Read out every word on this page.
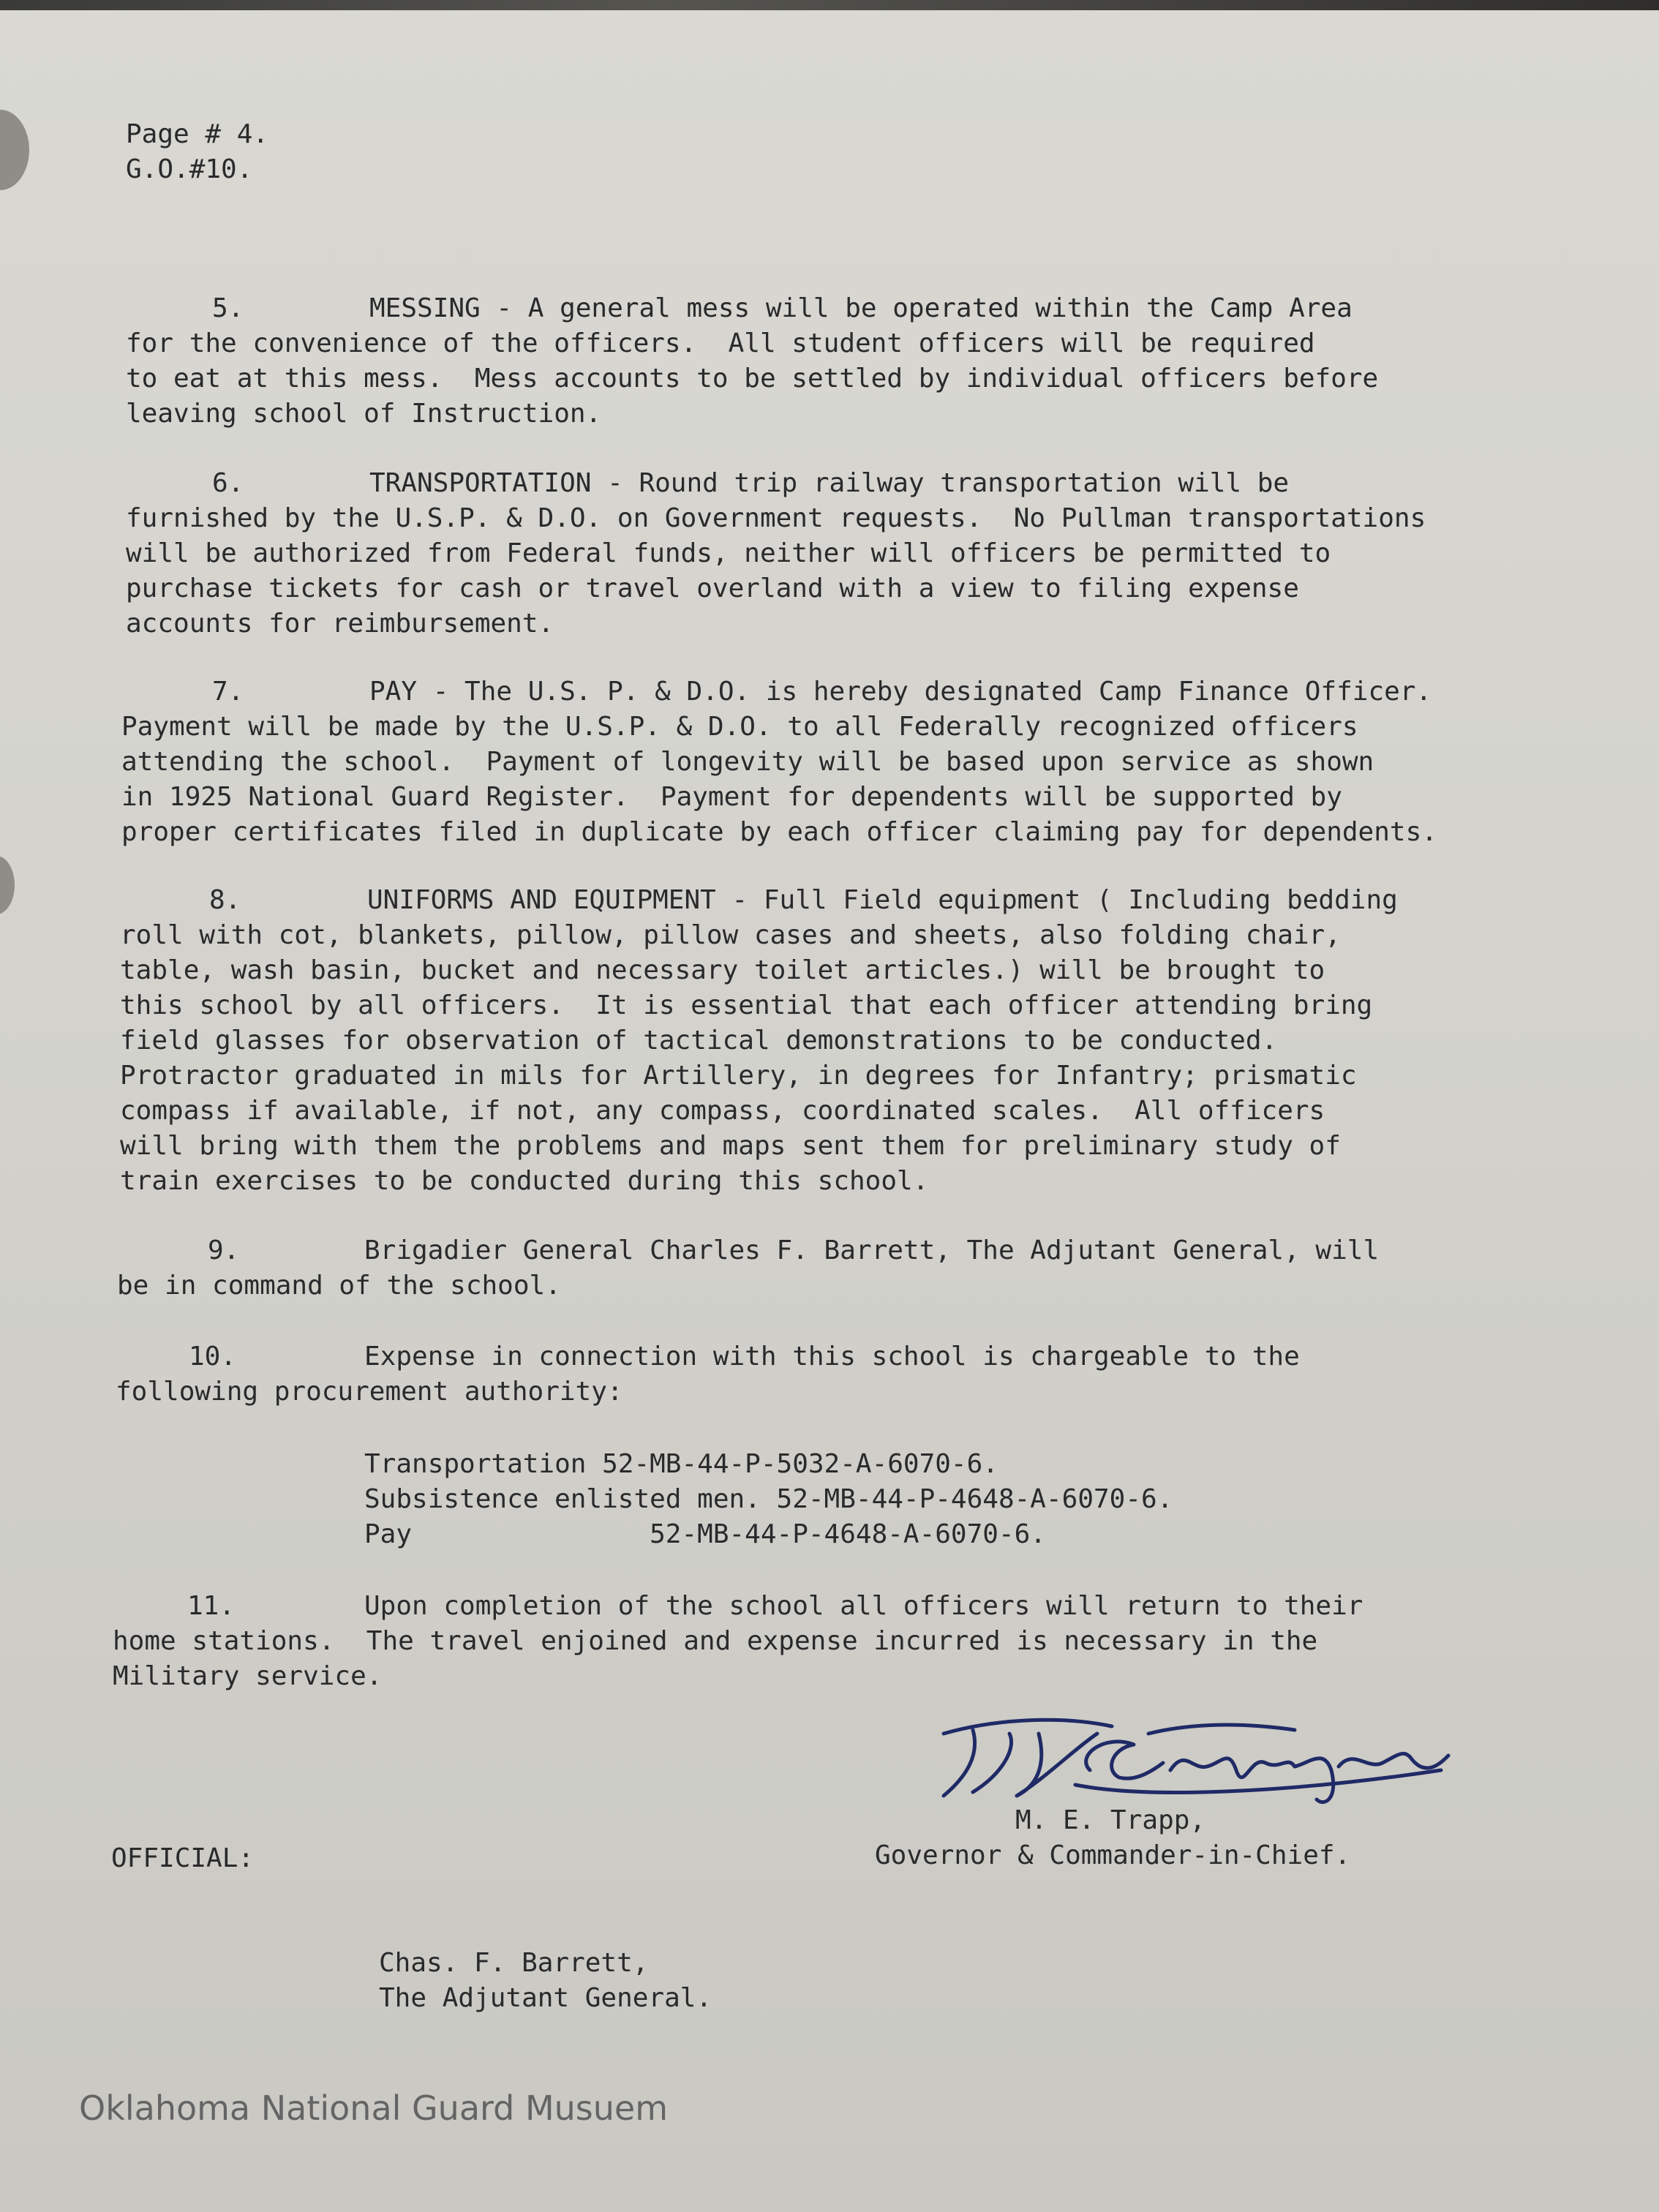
Page # 4.
G.O.#10.
5.	MESSING - A general mess will be operated within the Camp Area
for the convenience of the officers.  All student officers will be required
to eat at this mess.  Mess accounts to be settled by individual officers before
leaving school of Instruction.
6.	TRANSPORTATION - Round trip railway transportation will be
furnished by the U.S.P. & D.O. on Government requests.  No Pullman transportations
will be authorized from Federal funds, neither will officers be permitted to
purchase tickets for cash or travel overland with a view to filing expense
accounts for reimbursement.
7.	PAY - The U.S. P. & D.O. is hereby designated Camp Finance Officer.
Payment will be made by the U.S.P. & D.O. to all Federally recognized officers
attending the school.  Payment of longevity will be based upon service as shown
in 1925 National Guard Register.  Payment for dependents will be supported by
proper certificates filed in duplicate by each officer claiming pay for dependents.
8.	UNIFORMS AND EQUIPMENT - Full Field equipment ( Including bedding
roll with cot, blankets, pillow, pillow cases and sheets, also folding chair,
table, wash basin, bucket and necessary toilet articles.) will be brought to
this school by all officers.  It is essential that each officer attending bring
field glasses for observation of tactical demonstrations to be conducted.
Protractor graduated in mils for Artillery, in degrees for Infantry; prismatic
compass if available, if not, any compass, coordinated scales.  All officers
will bring with them the problems and maps sent them for preliminary study of
train exercises to be conducted during this school.
9.	Brigadier General Charles F. Barrett, The Adjutant General, will
be in command of the school.
10.	Expense in connection with this school is chargeable to the
following procurement authority:
Transportation 52-MB-44-P-5032-A-6070-6.
Subsistence enlisted men. 52-MB-44-P-4648-A-6070-6.
Pay               52-MB-44-P-4648-A-6070-6.
11.	Upon completion of the school all officers will return to their
home stations.  The travel enjoined and expense incurred is necessary in the
Military service.
M. E. Trapp,
Governor & Commander-in-Chief.
OFFICIAL:
Chas. F. Barrett,
The Adjutant General.
Oklahoma National Guard Musuem
